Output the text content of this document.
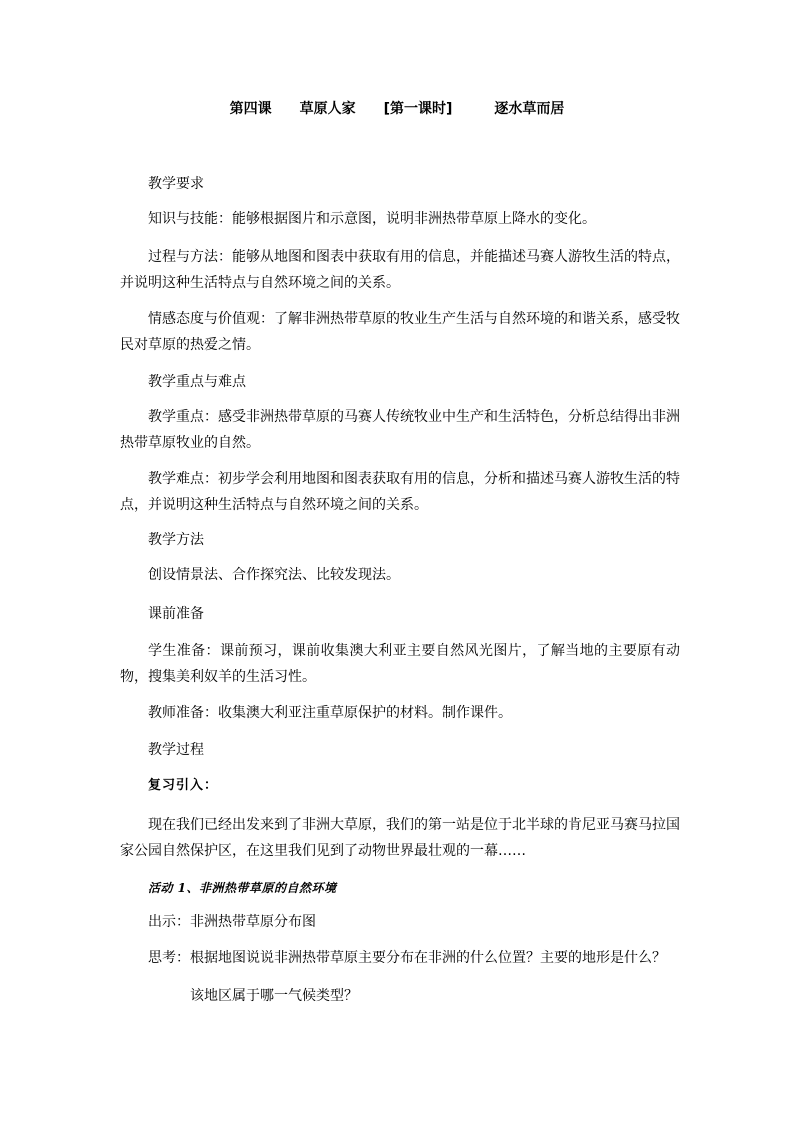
第四课　　草原人家　　[第一课时]　　　逐水草而居

教学要求

知识与技能：能够根据图片和示意图，说明非洲热带草原上降水的变化。

过程与方法：能够从地图和图表中获取有用的信息，并能描述马赛人游牧生活的特点，并说明这种生活特点与自然环境之间的关系。

情感态度与价值观：了解非洲热带草原的牧业生产生活与自然环境的和谐关系，感受牧民对草原的热爱之情。

教学重点与难点

教学重点：感受非洲热带草原的马赛人传统牧业中生产和生活特色，分析总结得出非洲热带草原牧业的自然。

教学难点：初步学会利用地图和图表获取有用的信息，分析和描述马赛人游牧生活的特点，并说明这种生活特点与自然环境之间的关系。

教学方法

创设情景法、合作探究法、比较发现法。

课前准备

学生准备：课前预习，课前收集澳大利亚主要自然风光图片，了解当地的主要原有动物，搜集美利奴羊的生活习性。

教师准备：收集澳大利亚注重草原保护的材料。制作课件。

教学过程

复习引入：

现在我们已经出发来到了非洲大草原，我们的第一站是位于北半球的肯尼亚马赛马拉国家公园自然保护区，在这里我们见到了动物世界最壮观的一幕……

活动 1、非洲热带草原的自然环境

出示：非洲热带草原分布图

思考：根据地图说说非洲热带草原主要分布在非洲的什么位置？主要的地形是什么？

该地区属于哪一气候类型？
